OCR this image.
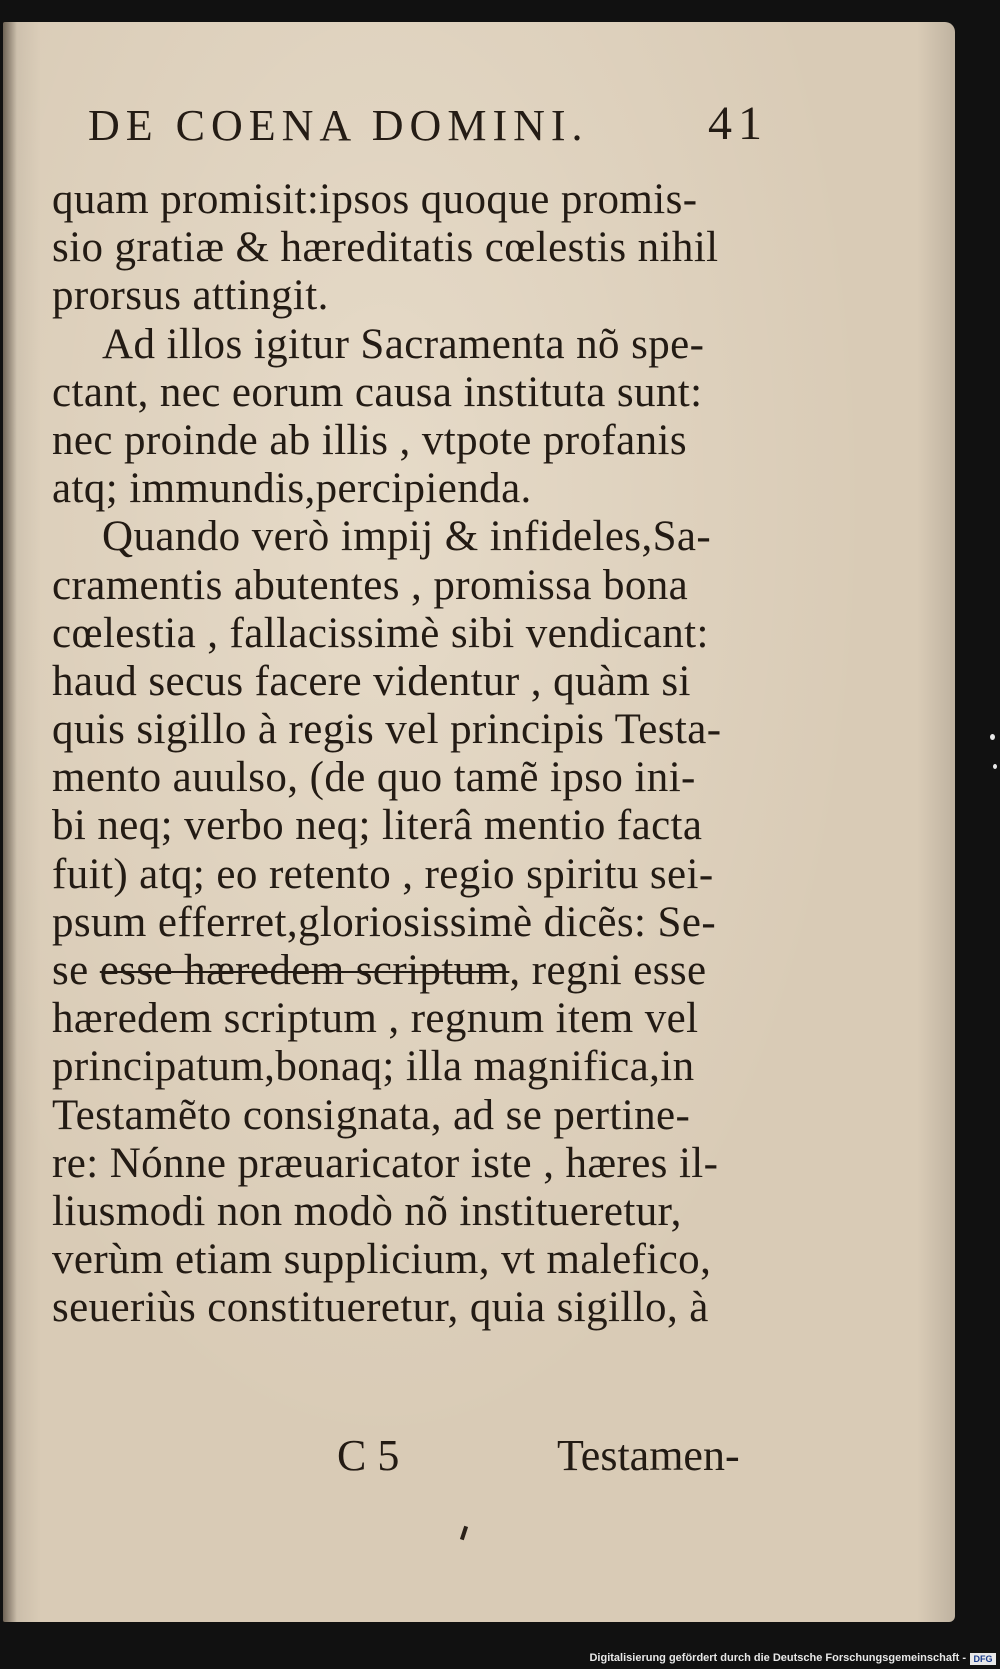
DE COENA DOMINI. 41
quam promisit:ipsos quoque promis-
sio gratiæ & hæreditatis cœlestis nihil
prorsus attingit.
Ad illos igitur Sacramenta nõ spe-
ctant, nec eorum causa instituta sunt:
nec proinde ab illis , vtpote profanis
atq; immundis,percipienda.
Quando verò impij & infideles,Sa-
cramentis abutentes , promissa bona
cœlestia , fallacissimè sibi vendicant:
haud secus facere videntur , quàm si
quis sigillo à regis vel principis Testa-
mento auulso, (de quo tamẽ ipso ini-
bi neq; verbo neq; literâ mentio facta
fuit) atq; eo retento , regio spiritu sei-
psum efferret,gloriosissimè dicẽs: Se-
se esse hæredem scriptum, regni esse
hæredem scriptum , regnum item vel
principatum,bonaq; illa magnifica,in
Testamẽto consignata, ad se pertine-
re: Nónne præuaricator iste , hæres il-
liusmodi non modò nõ institueretur,
verùm etiam supplicium, vt malefico,
seueriùs constitueretur, quia sigillo, à
C 5	Testamen-
Digitalisierung gefördert durch die Deutsche Forschungsgemeinschaft - DFG
